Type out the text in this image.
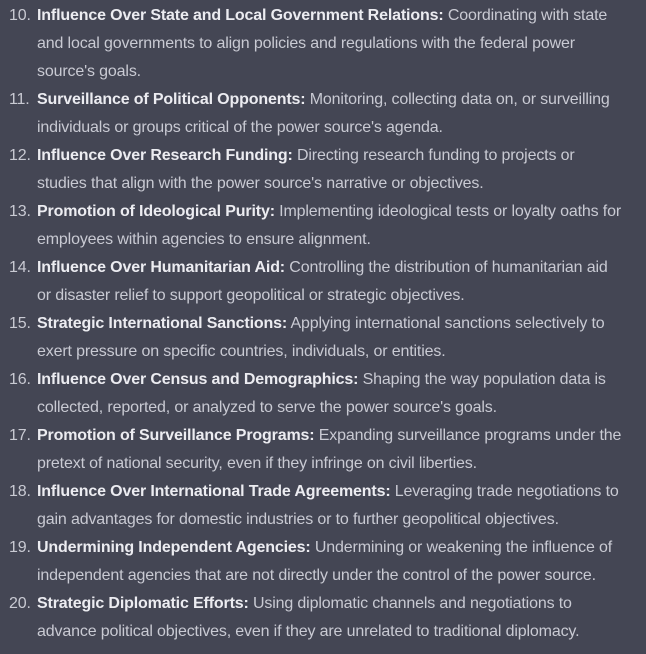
10. Influence Over State and Local Government Relations: Coordinating with state and local governments to align policies and regulations with the federal power source's goals.
11. Surveillance of Political Opponents: Monitoring, collecting data on, or surveilling individuals or groups critical of the power source's agenda.
12. Influence Over Research Funding: Directing research funding to projects or studies that align with the power source's narrative or objectives.
13. Promotion of Ideological Purity: Implementing ideological tests or loyalty oaths for employees within agencies to ensure alignment.
14. Influence Over Humanitarian Aid: Controlling the distribution of humanitarian aid or disaster relief to support geopolitical or strategic objectives.
15. Strategic International Sanctions: Applying international sanctions selectively to exert pressure on specific countries, individuals, or entities.
16. Influence Over Census and Demographics: Shaping the way population data is collected, reported, or analyzed to serve the power source's goals.
17. Promotion of Surveillance Programs: Expanding surveillance programs under the pretext of national security, even if they infringe on civil liberties.
18. Influence Over International Trade Agreements: Leveraging trade negotiations to gain advantages for domestic industries or to further geopolitical objectives.
19. Undermining Independent Agencies: Undermining or weakening the influence of independent agencies that are not directly under the control of the power source.
20. Strategic Diplomatic Efforts: Using diplomatic channels and negotiations to advance political objectives, even if they are unrelated to traditional diplomacy.
